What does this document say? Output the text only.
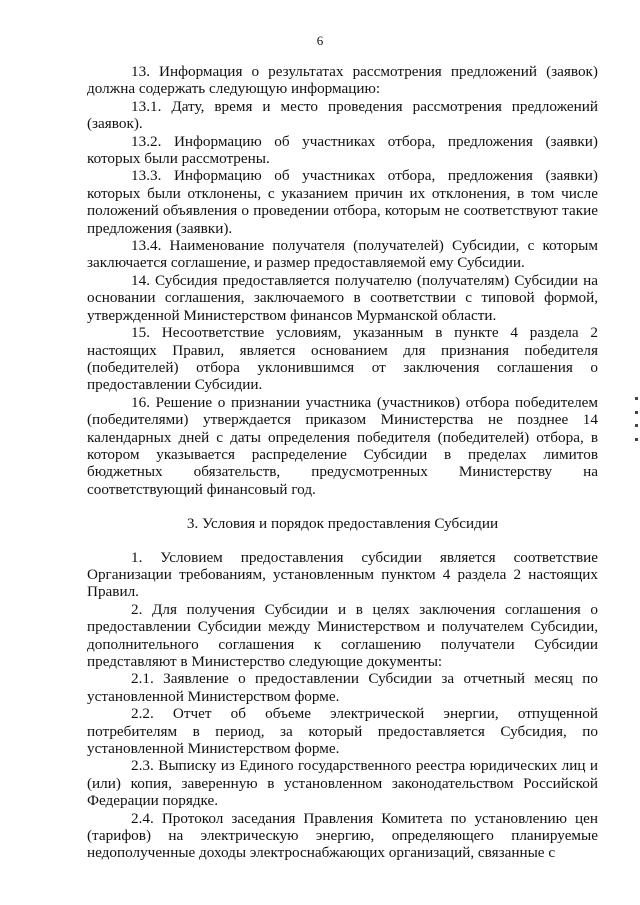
6

13. Информация о результатах рассмотрения предложений (заявок) должна содержать следующую информацию:

13.1. Дату, время и место проведения рассмотрения предложений (заявок).

13.2. Информацию об участниках отбора, предложения (заявки) которых были рассмотрены.

13.3. Информацию об участниках отбора, предложения (заявки) которых были отклонены, с указанием причин их отклонения, в том числе положений объявления о проведении отбора, которым не соответствуют такие предложения (заявки).

13.4. Наименование получателя (получателей) Субсидии, с которым заключается соглашение, и размер предоставляемой ему Субсидии.

14. Субсидия предоставляется получателю (получателям) Субсидии на основании соглашения, заключаемого в соответствии с типовой формой, утвержденной Министерством финансов Мурманской области.

15. Несоответствие условиям, указанным в пункте 4 раздела 2 настоящих Правил, является основанием для признания победителя (победителей) отбора уклонившимся от заключения соглашения о предоставлении Субсидии.

16. Решение о признании участника (участников) отбора победителем (победителями) утверждается приказом Министерства не позднее 14 календарных дней с даты определения победителя (победителей) отбора, в котором указывается распределение Субсидии в пределах лимитов бюджетных обязательств, предусмотренных Министерству на соответствующий финансовый год.

3. Условия и порядок предоставления Субсидии

1. Условием предоставления субсидии является соответствие Организации требованиям, установленным пунктом 4 раздела 2 настоящих Правил.

2. Для получения Субсидии и в целях заключения соглашения о предоставлении Субсидии между Министерством и получателем Субсидии, дополнительного соглашения к соглашению получатели Субсидии представляют в Министерство следующие документы:

2.1. Заявление о предоставлении Субсидии за отчетный месяц по установленной Министерством форме.

2.2. Отчет об объеме электрической энергии, отпущенной потребителям в период, за который предоставляется Субсидия, по установленной Министерством форме.

2.3. Выписку из Единого государственного реестра юридических лиц и (или) копия, заверенную в установленном законодательством Российской Федерации порядке.

2.4. Протокол заседания Правления Комитета по установлению цен (тарифов) на электрическую энергию, определяющего планируемые недополученные доходы электроснабжающих организаций, связанные с
